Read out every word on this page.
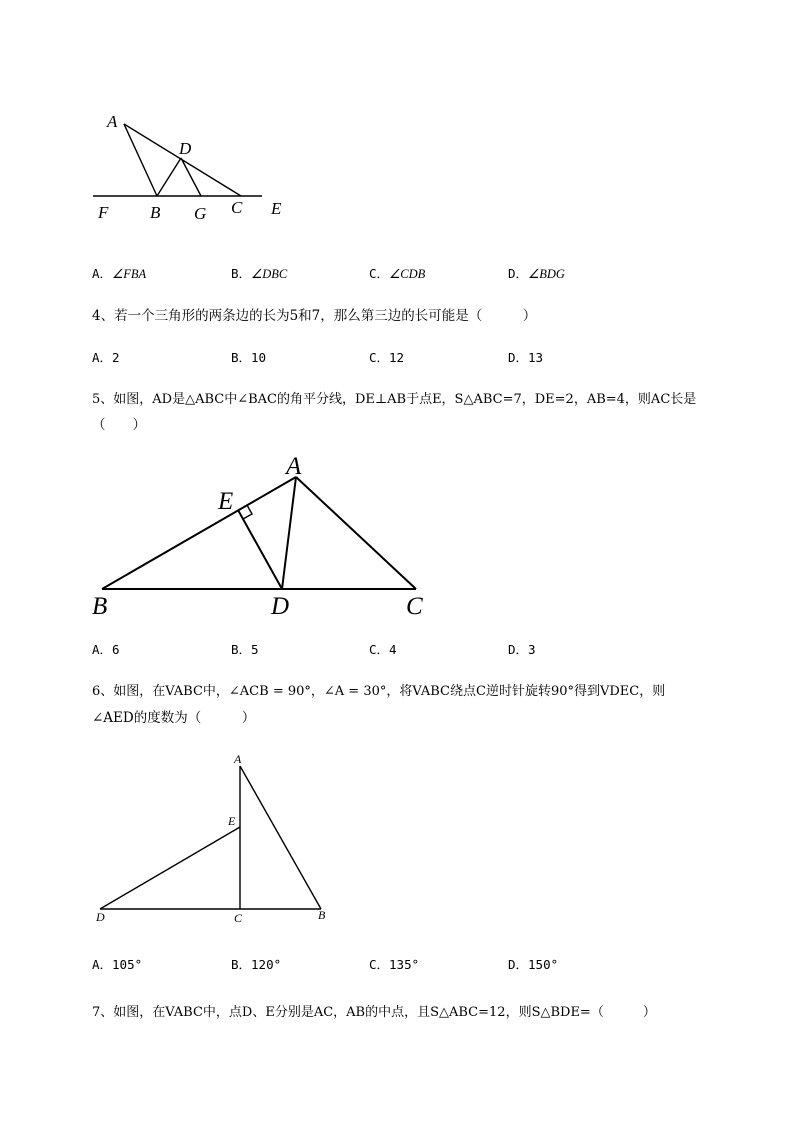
A
D
F B G C E
A．∠FBA	B．∠DBC	C．∠CDB	D．∠BDG
4、若一个三角形的两条边的长为5和7，那么第三边的长可能是（　　　）
A．2	B．10	C．12	D．13
5、如图，AD是△ABC中∠BAC的角平分线，DE⊥AB于点E，S△ABC=7，DE=2，AB=4，则AC长是
（　　）
A
E
B	D	C
A．6	B．5	C．4	D．3
6、如图，在VABC中，∠ACB = 90°，∠A = 30°，将VABC绕点C逆时针旋转90°得到VDEC，则
∠AED的度数为（　　　）
A
E
D	C	B
A．105°	B．120°	C．135°	D．150°
7、如图，在VABC中，点D、E分别是AC，AB的中点，且S△ABC=12，则S△BDE=（　　　）
